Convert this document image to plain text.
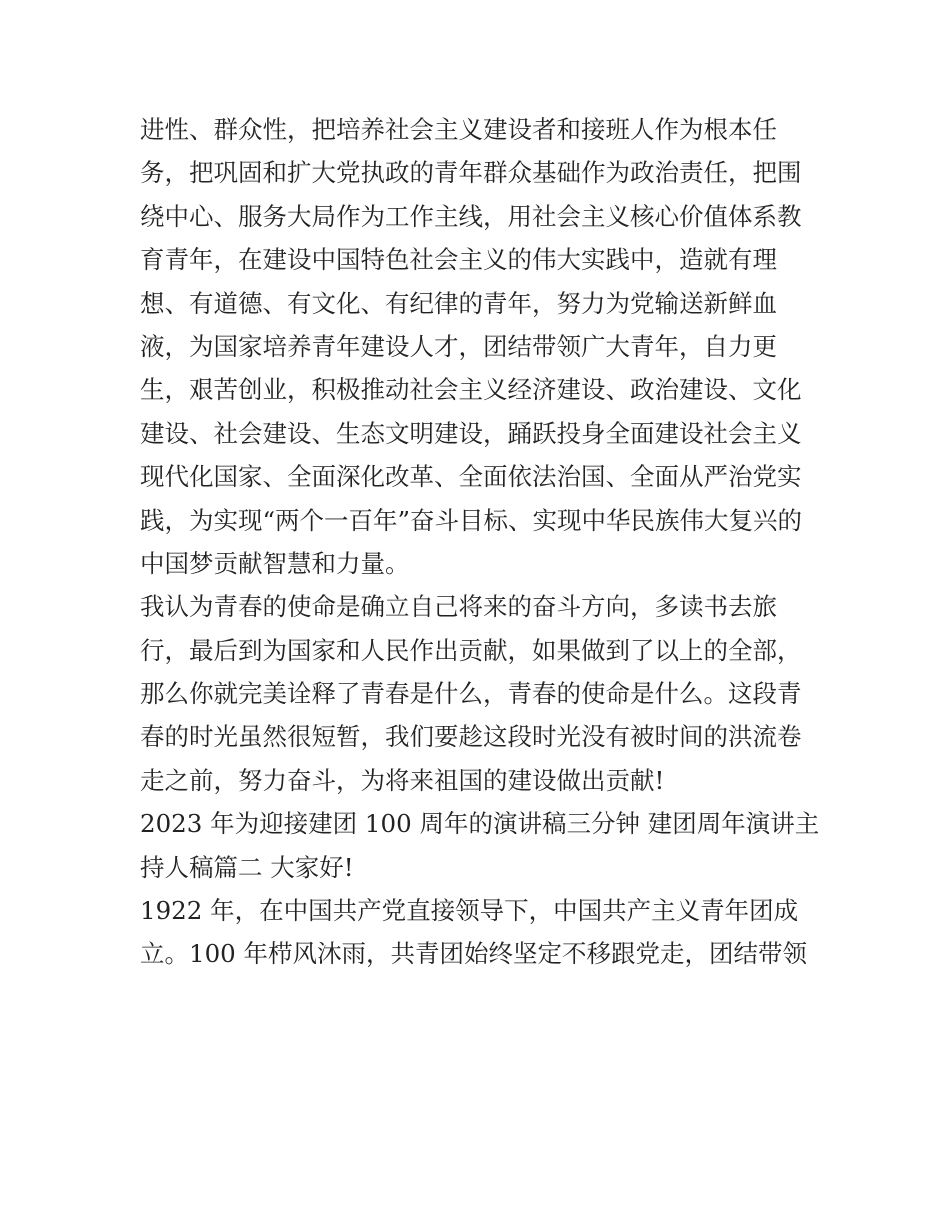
进性、群众性，把培养社会主义建设者和接班人作为根本任
务，把巩固和扩大党执政的青年群众基础作为政治责任，把围
绕中心、服务大局作为工作主线，用社会主义核心价值体系教
育青年，在建设中国特色社会主义的伟大实践中，造就有理
想、有道德、有文化、有纪律的青年，努力为党输送新鲜血
液，为国家培养青年建设人才，团结带领广大青年，自力更
生，艰苦创业，积极推动社会主义经济建设、政治建设、文化
建设、社会建设、生态文明建设，踊跃投身全面建设社会主义
现代化国家、全面深化改革、全面依法治国、全面从严治党实
践，为实现“两个一百年”奋斗目标、实现中华民族伟大复兴的
中国梦贡献智慧和力量。
我认为青春的使命是确立自己将来的奋斗方向，多读书去旅
行，最后到为国家和人民作出贡献，如果做到了以上的全部，
那么你就完美诠释了青春是什么，青春的使命是什么。这段青
春的时光虽然很短暂，我们要趁这段时光没有被时间的洪流卷
走之前，努力奋斗，为将来祖国的建设做出贡献!
2023 年为迎接建团 100 周年的演讲稿三分钟 建团周年演讲主
持人稿篇二 大家好!
1922 年，在中国共产党直接领导下，中国共产主义青年团成
立。100 年栉风沐雨，共青团始终坚定不移跟党走，团结带领
